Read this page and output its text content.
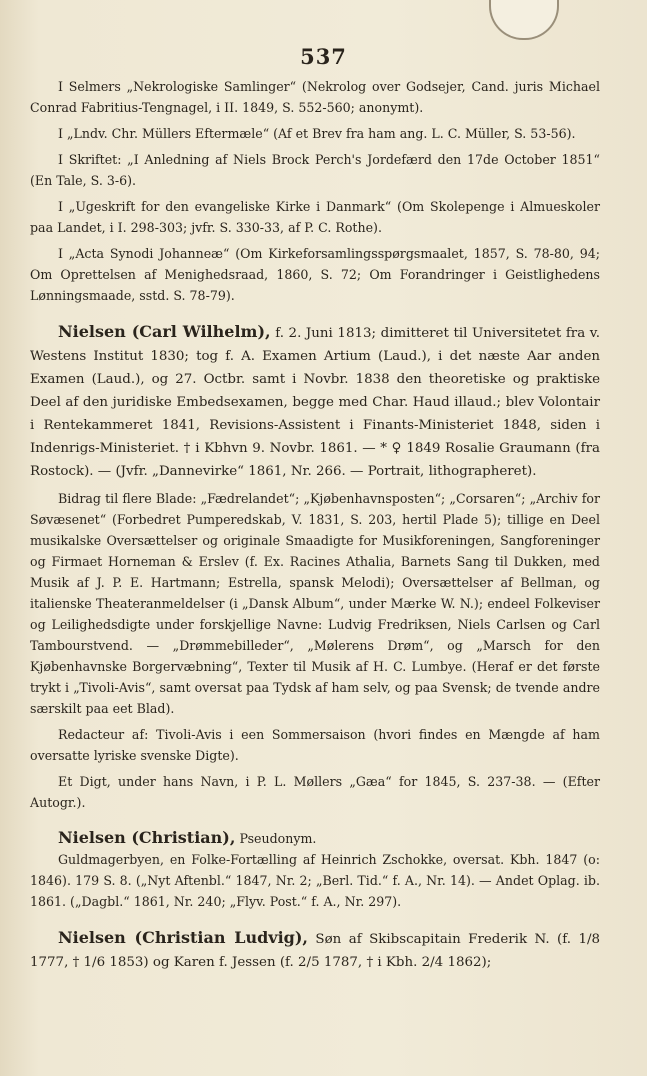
537

I Selmers „Nekrologiske Samlinger“ (Nekrolog over Godsejer, Cand. juris Michael Conrad Fabritius-Tengnagel, i II. 1849, S. 552-560; anonymt).

I „Lndv. Chr. Müllers Eftermæle“ (Af et Brev fra ham ang. L. C. Müller, S. 53-56).

I Skriftet: „I Anledning af Niels Brock Perch's Jordefærd den 17de October 1851“ (En Tale, S. 3-6).

I „Ugeskrift for den evangeliske Kirke i Danmark“ (Om Skolepenge i Almueskoler paa Landet, i I. 298-303; jvfr. S. 330-33, af P. C. Rothe).

I „Acta Synodi Johanneæ“ (Om Kirkeforsamlingsspørgsmaalet, 1857, S. 78-80, 94; Om Oprettelsen af Menighedsraad, 1860, S. 72; Om Forandringer i Geistlighedens Lønningsmaade, sstd. S. 78-79).

Nielsen (Carl Wilhelm), f. 2. Juni 1813; dimitteret til Universitetet fra v. Westens Institut 1830; tog f. A. Examen Artium (Laud.), i det næste Aar anden Examen (Laud.), og 27. Octbr. samt i Novbr. 1838 den theoretiske og praktiske Deel af den juridiske Embedsexamen, begge med Char. Haud illaud.; blev Volontair i Rentekammeret 1841, Revisions-Assistent i Finants-Ministeriet 1848, siden i Indenrigs-Ministeriet. † i Kbhvn 9. Novbr. 1861. — * ♀ 1849 Rosalie Graumann (fra Rostock). — (Jvfr. „Dannevirke“ 1861, Nr. 266. — Portrait, lithographeret).

Bidrag til flere Blade: „Fædrelandet“; „Kjøbenhavnsposten“; „Corsaren“; „Archiv for Søvæsenet“ (Forbedret Pumperedskab, V. 1831, S. 203, hertil Plade 5); tillige en Deel musikalske Oversættelser og originale Smaadigte for Musikforeningen, Sangforeninger og Firmaet Horneman & Erslev (f. Ex. Racines Athalia, Barnets Sang til Dukken, med Musik af J. P. E. Hartmann; Estrella, spansk Melodi); Oversættelser af Bellman, og italienske Theateranmeldelser (i „Dansk Album“, under Mærke W. N.); endeel Folkeviser og Leilighedsdigte under forskjellige Navne: Ludvig Fredriksen, Niels Carlsen og Carl Tambourstvend. — „Drømmebilleder“, „Mølerens Drøm“, og „Marsch for den Kjøbenhavnske Borgervæbning“, Texter til Musik af H. C. Lumbye. (Heraf er det første trykt i „Tivoli-Avis“, samt oversat paa Tydsk af ham selv, og paa Svensk; de tvende andre særskilt paa eet Blad).

Redacteur af: Tivoli-Avis i een Sommersaison (hvori findes en Mængde af ham oversatte lyriske svenske Digte).

Et Digt, under hans Navn, i P. L. Møllers „Gæa“ for 1845, S. 237-38. — (Efter Autogr.).

Nielsen (Christian), Pseudonym.

Guldmagerbyen, en Folke-Fortælling af Heinrich Zschokke, oversat. Kbh. 1847 (o: 1846). 179 S. 8. („Nyt Aftenbl.“ 1847, Nr. 2; „Berl. Tid.“ f. A., Nr. 14). — Andet Oplag. ib. 1861. („Dagbl.“ 1861, Nr. 240; „Flyv. Post.“ f. A., Nr. 297).

Nielsen (Christian Ludvig), Søn af Skibscapitain Frederik N. (f. 1/8 1777, † 1/6 1853) og Karen f. Jessen (f. 2/5 1787, † i Kbh. 2/4 1862);
